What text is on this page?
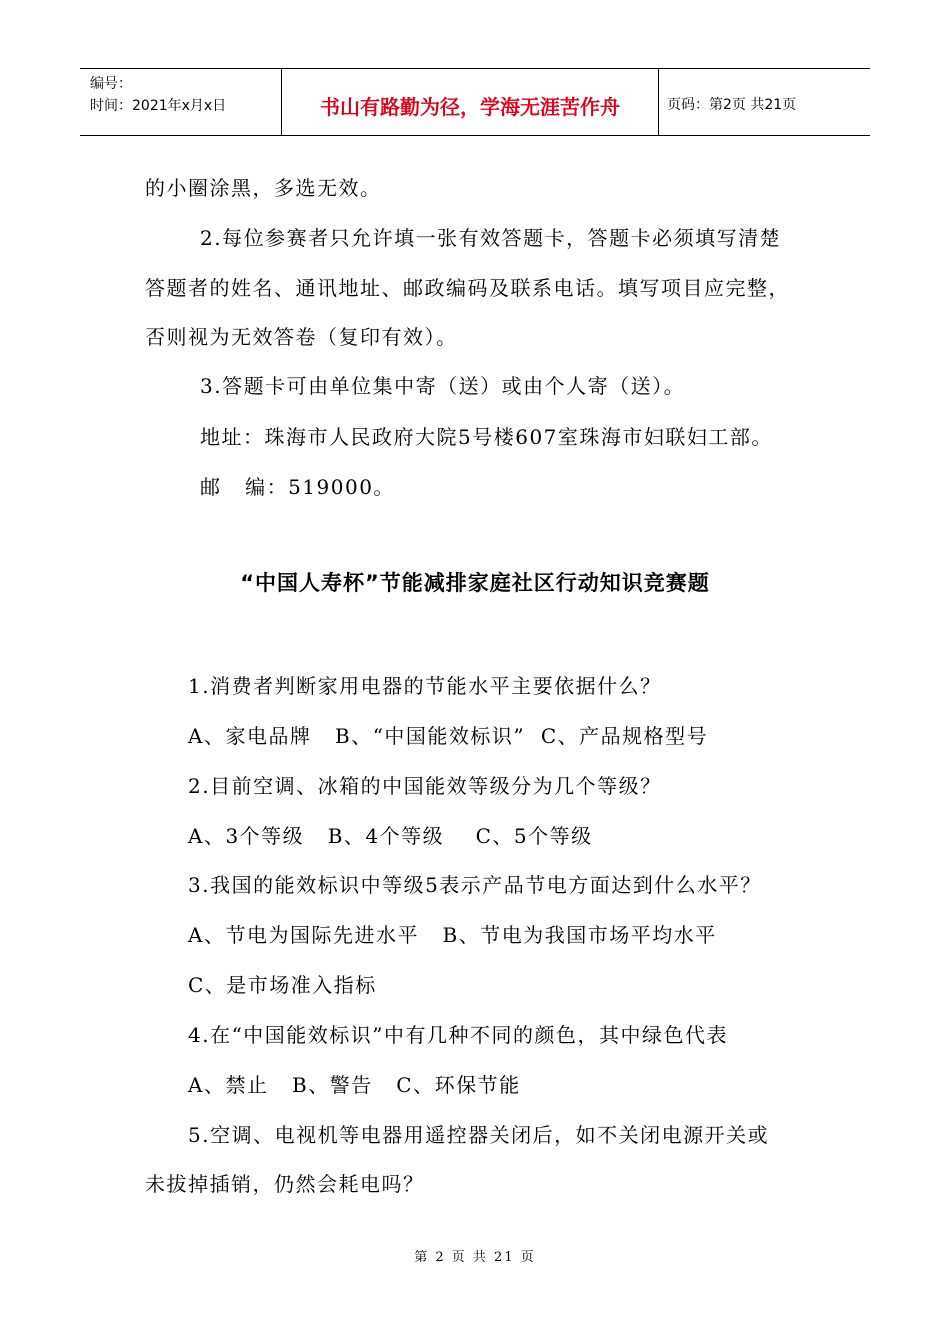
编号：
时间：2021年x月x日	书山有路勤为径，学海无涯苦作舟	页码：第2页 共21页
的小圈涂黑，多选无效。
2.每位参赛者只允许填一张有效答题卡，答题卡必须填写清楚
答题者的姓名、通讯地址、邮政编码及联系电话。填写项目应完整，
否则视为无效答卷（复印有效）。
3.答题卡可由单位集中寄（送）或由个人寄（送）。
地址：珠海市人民政府大院5号楼607室珠海市妇联妇工部。
邮   编：519000。
“中国人寿杯”节能减排家庭社区行动知识竞赛题
1.消费者判断家用电器的节能水平主要依据什么？
A、家电品牌   B、“中国能效标识”  C、产品规格型号
2.目前空调、冰箱的中国能效等级分为几个等级？
A、3个等级   B、4个等级    C、5个等级
3.我国的能效标识中等级5表示产品节电方面达到什么水平？
A、节电为国际先进水平   B、节电为我国市场平均水平
C、是市场准入指标
4.在“中国能效标识”中有几种不同的颜色，其中绿色代表
A、禁止   B、警告   C、环保节能
5.空调、电视机等电器用遥控器关闭后，如不关闭电源开关或
未拔掉插销，仍然会耗电吗？
第 2 页 共 21 页
